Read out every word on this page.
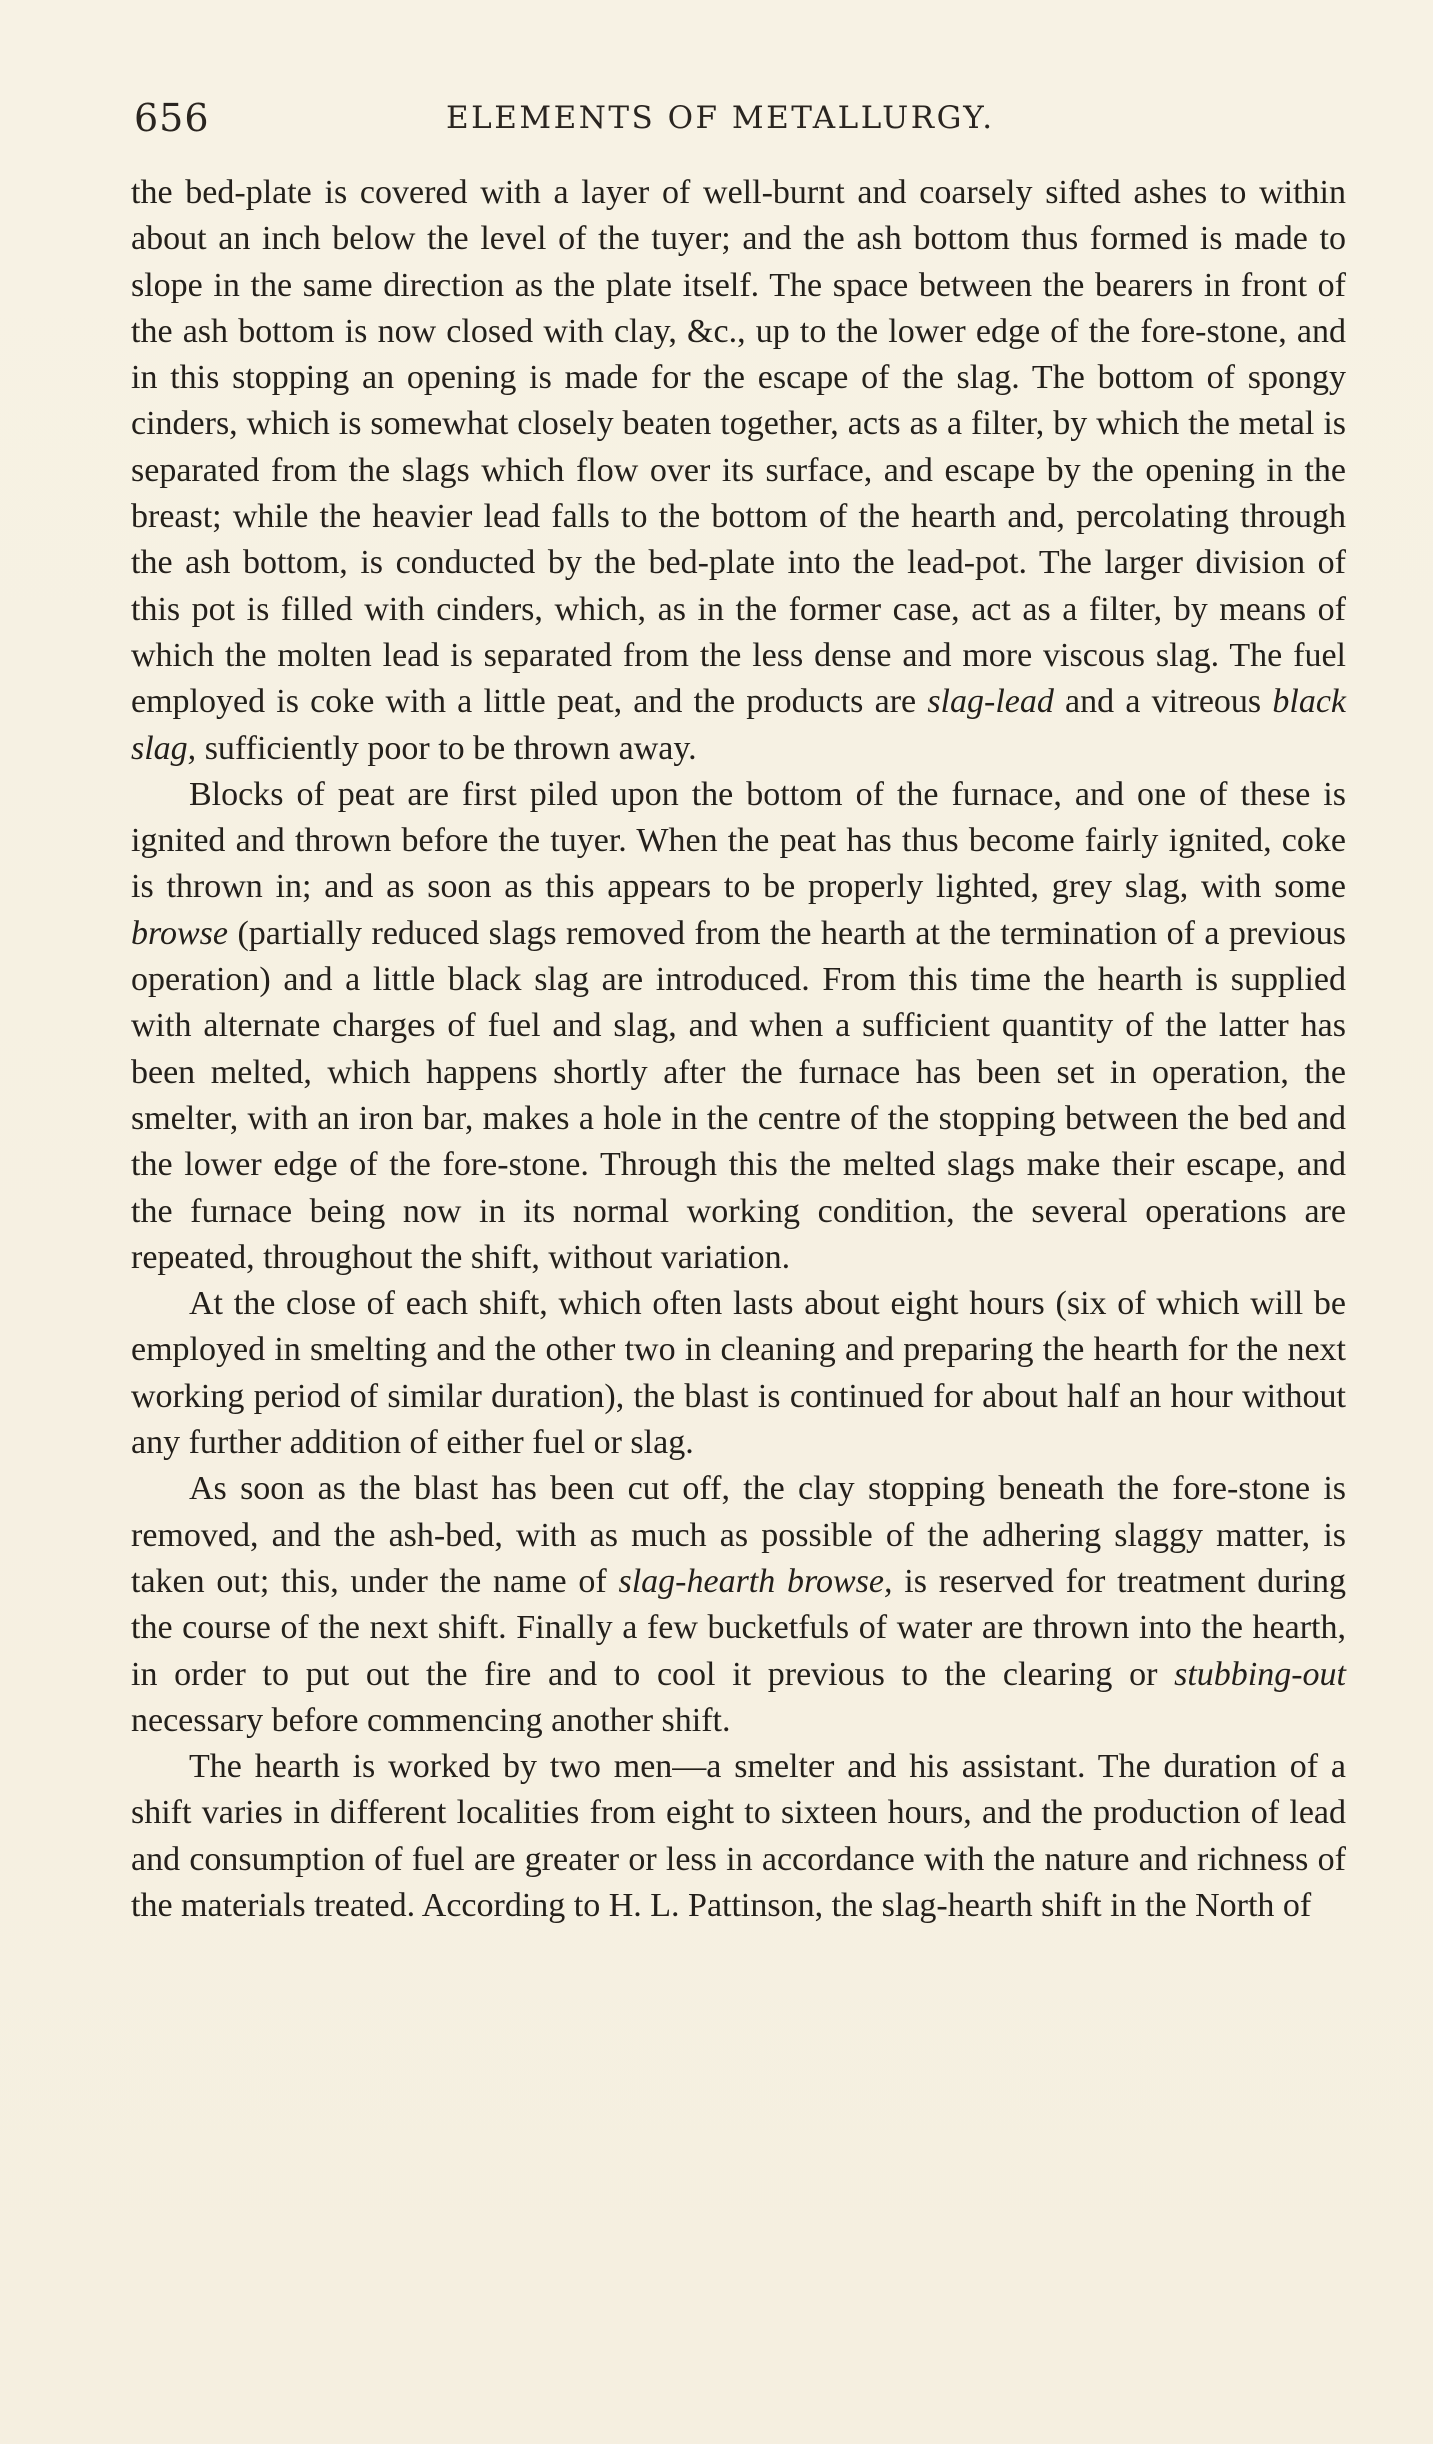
656	ELEMENTS OF METALLURGY.

the bed-plate is covered with a layer of well-burnt and coarsely sifted ashes to within about an inch below the level of the tuyer; and the ash bottom thus formed is made to slope in the same direction as the plate itself. The space between the bearers in front of the ash bottom is now closed with clay, &c., up to the lower edge of the fore-stone, and in this stopping an opening is made for the escape of the slag. The bottom of spongy cinders, which is somewhat closely beaten together, acts as a filter, by which the metal is separated from the slags which flow over its surface, and escape by the opening in the breast; while the heavier lead falls to the bottom of the hearth and, percolating through the ash bottom, is conducted by the bed-plate into the lead-pot. The larger division of this pot is filled with cinders, which, as in the former case, act as a filter, by means of which the molten lead is separated from the less dense and more viscous slag. The fuel employed is coke with a little peat, and the products are slag-lead and a vitreous black slag, sufficiently poor to be thrown away.

Blocks of peat are first piled upon the bottom of the furnace, and one of these is ignited and thrown before the tuyer. When the peat has thus become fairly ignited, coke is thrown in; and as soon as this appears to be properly lighted, grey slag, with some browse (partially reduced slags removed from the hearth at the termination of a previous operation) and a little black slag are introduced. From this time the hearth is supplied with alternate charges of fuel and slag, and when a sufficient quantity of the latter has been melted, which happens shortly after the furnace has been set in operation, the smelter, with an iron bar, makes a hole in the centre of the stopping between the bed and the lower edge of the fore-stone. Through this the melted slags make their escape, and the furnace being now in its normal working condition, the several operations are repeated, throughout the shift, without variation.

At the close of each shift, which often lasts about eight hours (six of which will be employed in smelting and the other two in cleaning and preparing the hearth for the next working period of similar duration), the blast is continued for about half an hour without any further addition of either fuel or slag.

As soon as the blast has been cut off, the clay stopping beneath the fore-stone is removed, and the ash-bed, with as much as possible of the adhering slaggy matter, is taken out; this, under the name of slag-hearth browse, is reserved for treatment during the course of the next shift. Finally a few bucketfuls of water are thrown into the hearth, in order to put out the fire and to cool it previous to the clearing or stubbing-out necessary before commencing another shift.

The hearth is worked by two men—a smelter and his assistant. The duration of a shift varies in different localities from eight to sixteen hours, and the production of lead and consumption of fuel are greater or less in accordance with the nature and richness of the materials treated. According to H. L. Pattinson, the slag-hearth shift in the North of
